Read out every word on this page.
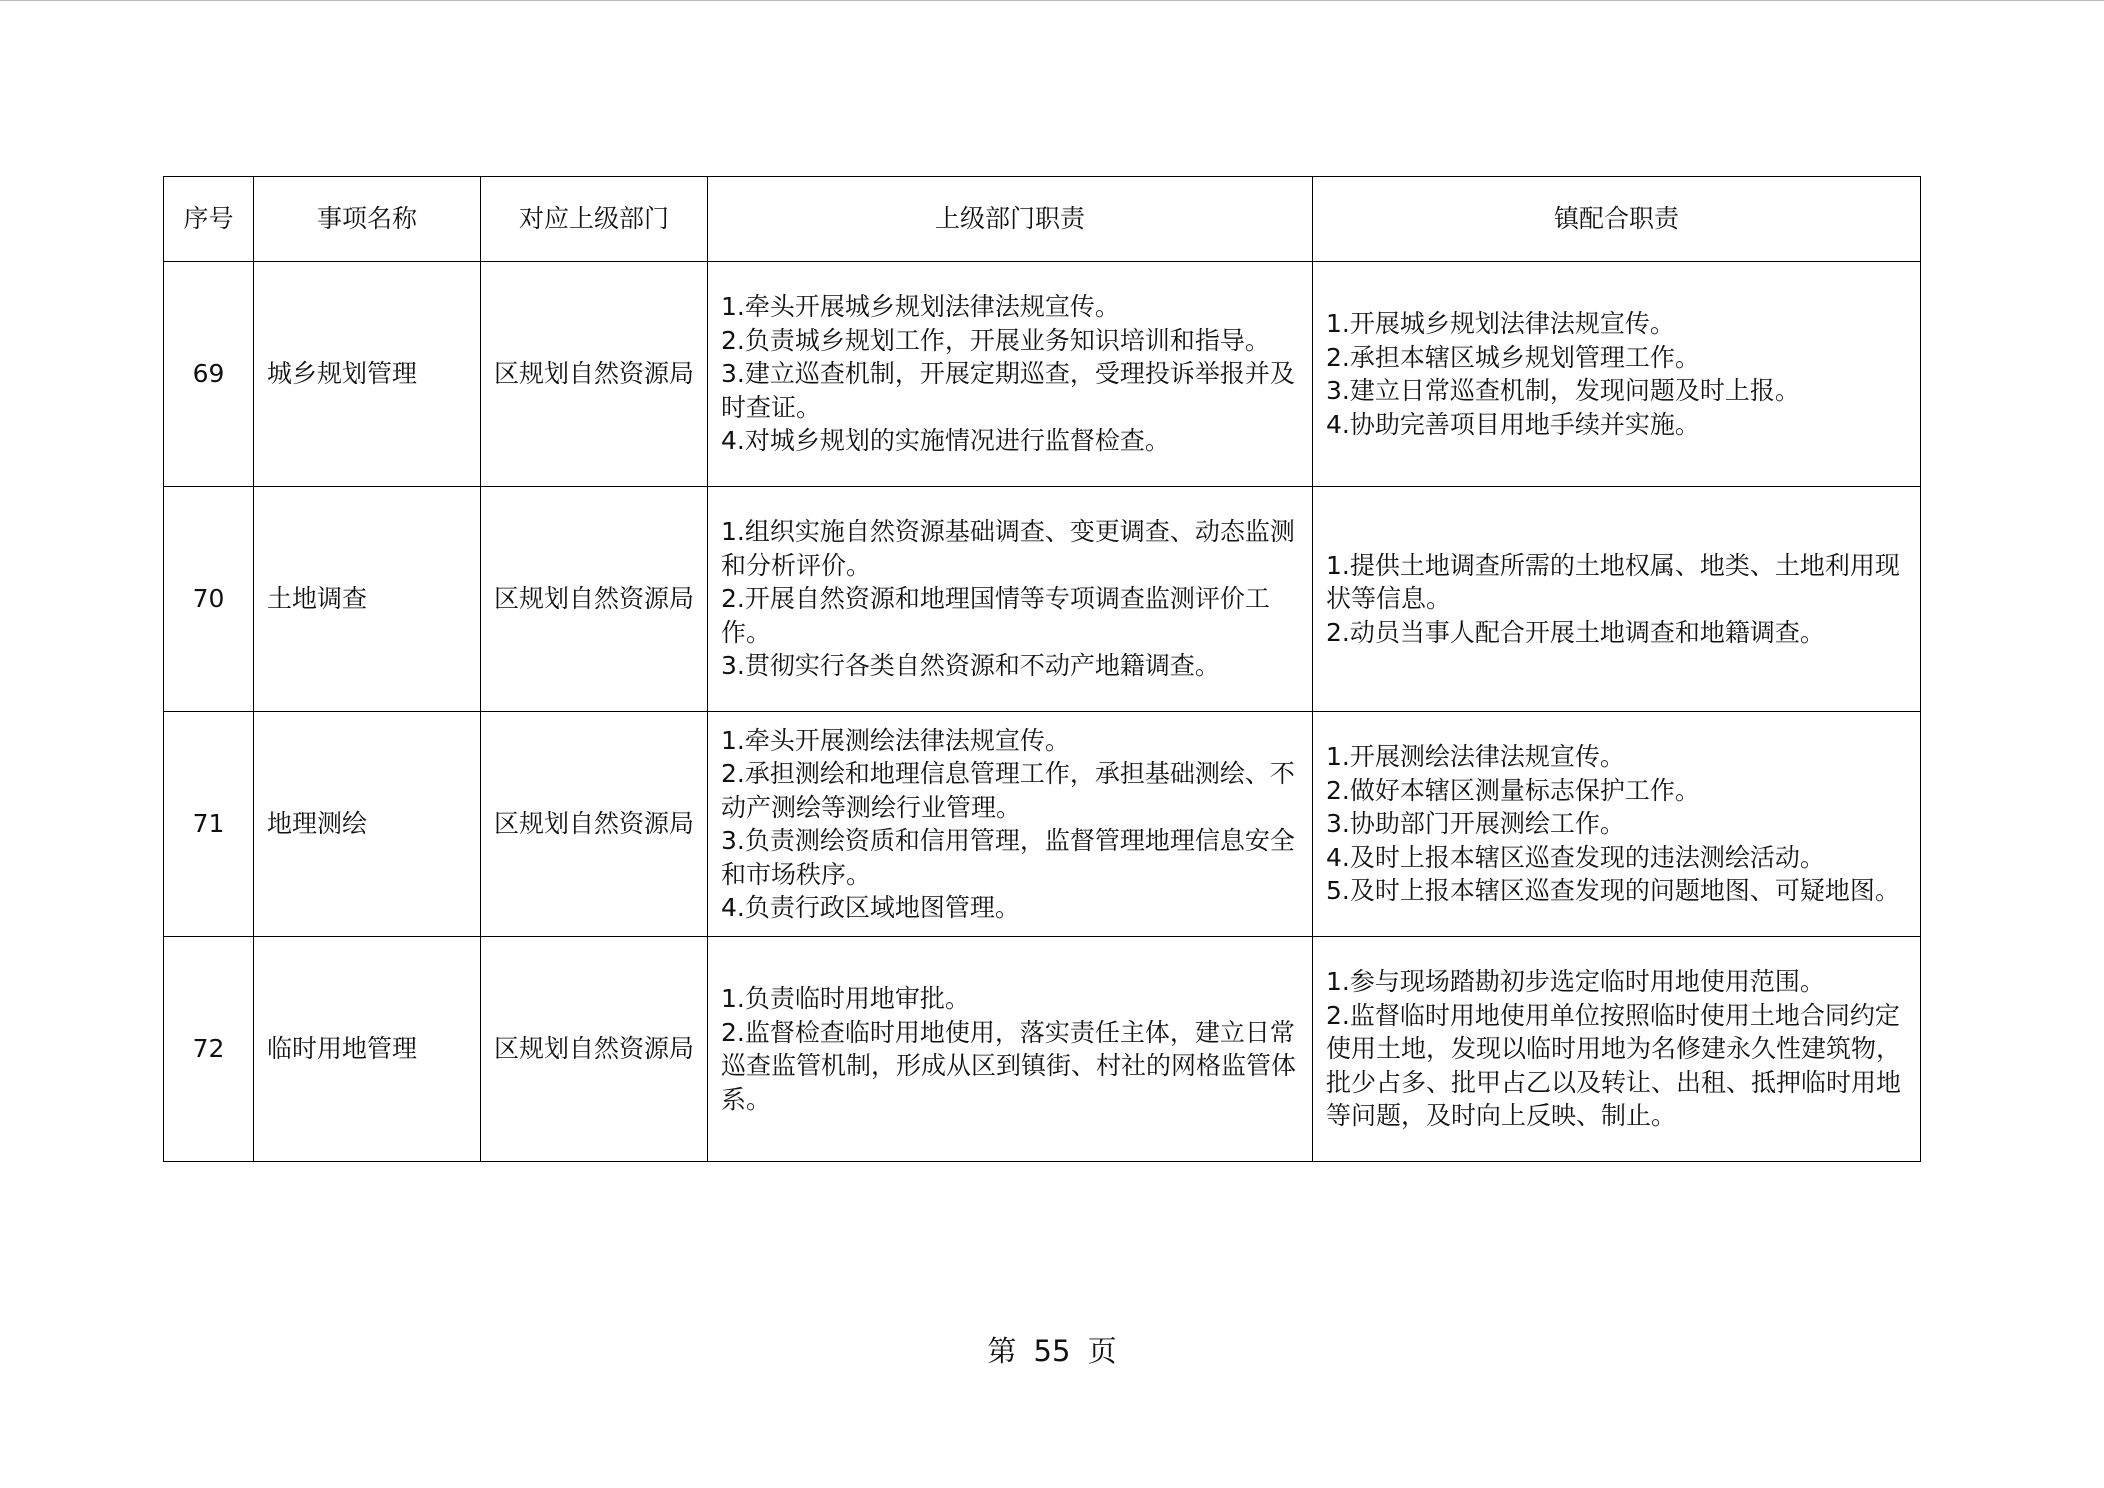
序号	事项名称	对应上级部门	上级部门职责	镇配合职责
69	城乡规划管理	区规划自然资源局	1.牵头开展城乡规划法律法规宣传。
2.负责城乡规划工作，开展业务知识培训和指导。
3.建立巡查机制，开展定期巡查，受理投诉举报并及时查证。
4.对城乡规划的实施情况进行监督检查。	1.开展城乡规划法律法规宣传。
2.承担本辖区城乡规划管理工作。
3.建立日常巡查机制，发现问题及时上报。
4.协助完善项目用地手续并实施。

70	土地调查	区规划自然资源局	1.组织实施自然资源基础调查、变更调查、动态监测和分析评价。
2.开展自然资源和地理国情等专项调查监测评价工作。
3.贯彻实行各类自然资源和不动产地籍调查。	1.提供土地调查所需的土地权属、地类、土地利用现状等信息。
2.动员当事人配合开展土地调查和地籍调查。

71	地理测绘	区规划自然资源局	1.牵头开展测绘法律法规宣传。
2.承担测绘和地理信息管理工作，承担基础测绘、不动产测绘等测绘行业管理。
3.负责测绘资质和信用管理，监督管理地理信息安全和市场秩序。
4.负责行政区域地图管理。	1.开展测绘法律法规宣传。
2.做好本辖区测量标志保护工作。
3.协助部门开展测绘工作。
4.及时上报本辖区巡查发现的违法测绘活动。
5.及时上报本辖区巡查发现的问题地图、可疑地图。

72	临时用地管理	区规划自然资源局	1.负责临时用地审批。
2.监督检查临时用地使用，落实责任主体，建立日常巡查监管机制，形成从区到镇街、村社的网格监管体系。	1.参与现场踏勘初步选定临时用地使用范围。
2.监督临时用地使用单位按照临时使用土地合同约定使用土地，发现以临时用地为名修建永久性建筑物，批少占多、批甲占乙以及转让、出租、抵押临时用地等问题，及时向上反映、制止。
第 55 页
